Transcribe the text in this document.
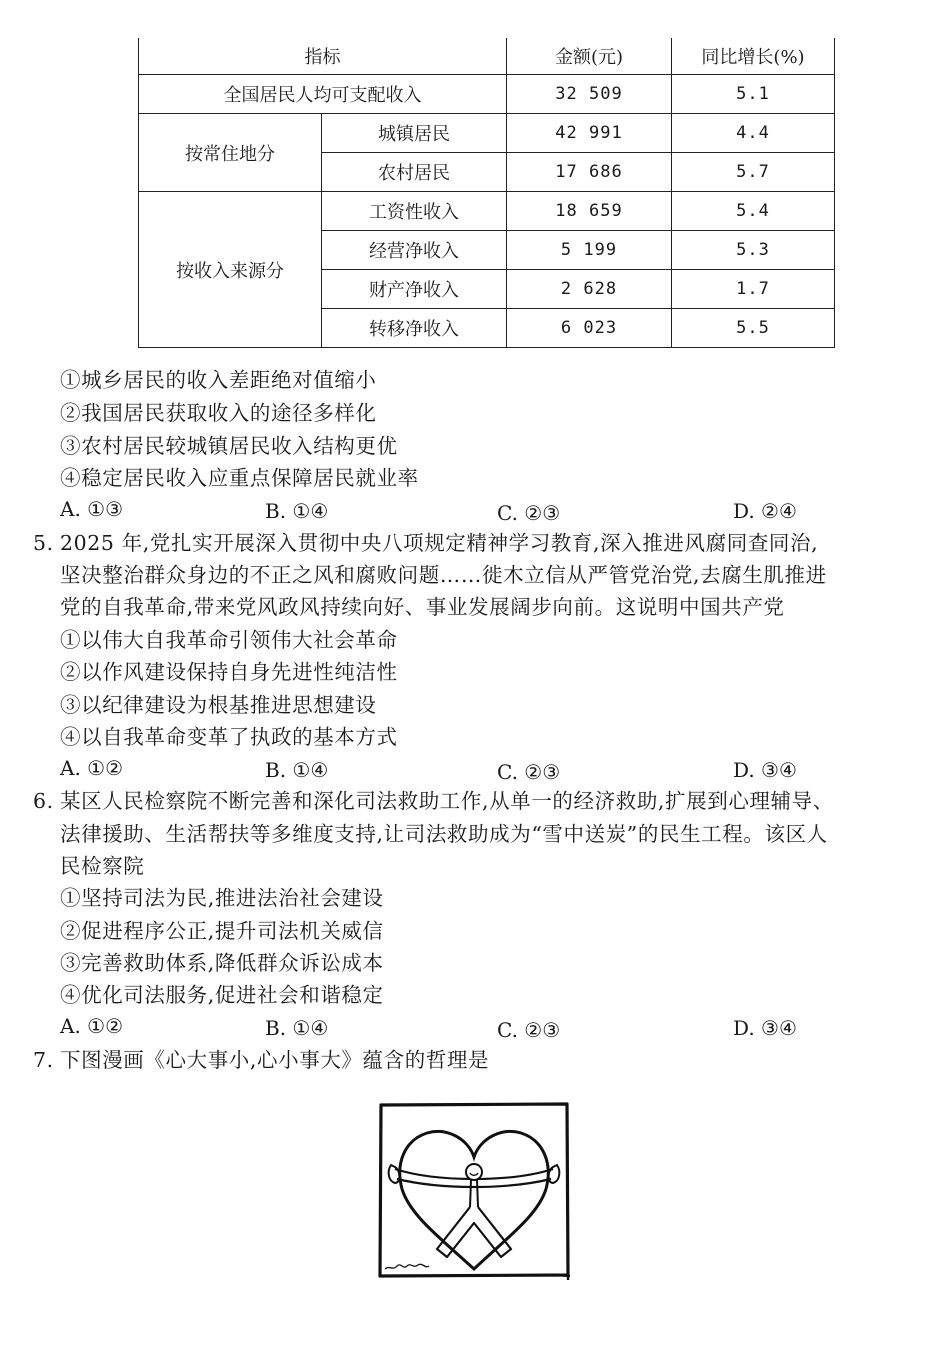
指标		金额(元)	同比增长(%)
全国居民人均可支配收入		32 509	5.1
按常住地分	城镇居民	42 991	4.4
	农村居民	17 686	5.7
按收入来源分	工资性收入	18 659	5.4
	经营净收入	5 199	5.3
	财产净收入	2 628	1.7
	转移净收入	6 023	5.5
①城乡居民的收入差距绝对值缩小
②我国居民获取收入的途径多样化
③农村居民较城镇居民收入结构更优
④稳定居民收入应重点保障居民就业率
A. ①③	B. ①④	C. ②③	D. ②④
5. 2025 年,党扎实开展深入贯彻中央八项规定精神学习教育,深入推进风腐同查同治,
坚决整治群众身边的不正之风和腐败问题……徙木立信从严管党治党,去腐生肌推进
党的自我革命,带来党风政风持续向好、事业发展阔步向前。这说明中国共产党
①以伟大自我革命引领伟大社会革命
②以作风建设保持自身先进性纯洁性
③以纪律建设为根基推进思想建设
④以自我革命变革了执政的基本方式
A. ①②	B. ①④	C. ②③	D. ③④
6. 某区人民检察院不断完善和深化司法救助工作,从单一的经济救助,扩展到心理辅导、
法律援助、生活帮扶等多维度支持,让司法救助成为“雪中送炭”的民生工程。该区人
民检察院
①坚持司法为民,推进法治社会建设
②促进程序公正,提升司法机关威信
③完善救助体系,降低群众诉讼成本
④优化司法服务,促进社会和谐稳定
A. ①②	B. ①④	C. ②③	D. ③④
7. 下图漫画《心大事小,心小事大》蕴含的哲理是
